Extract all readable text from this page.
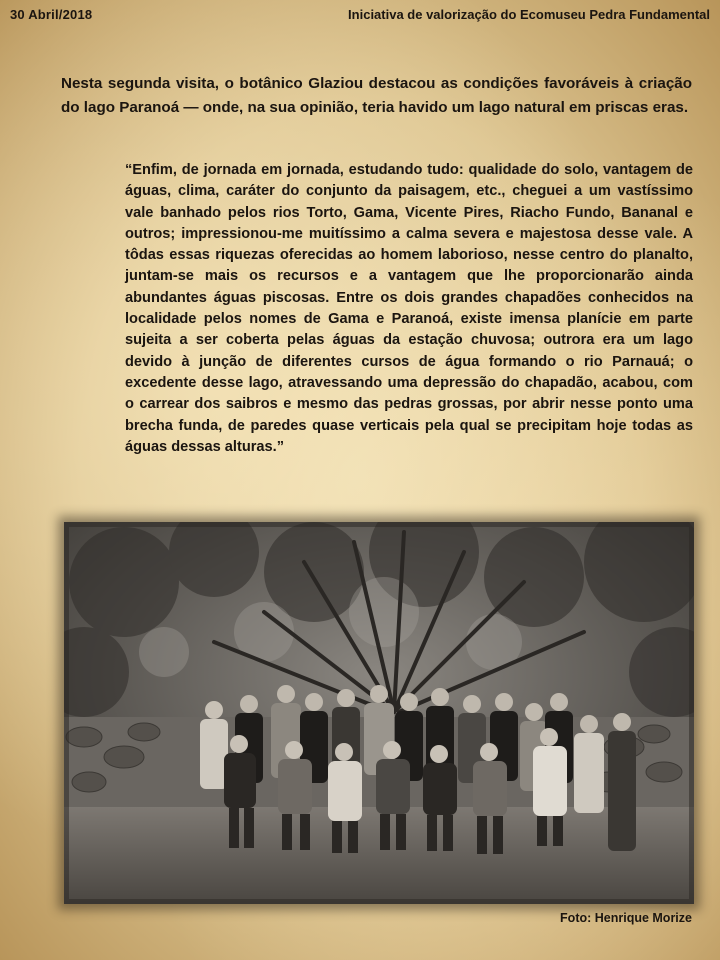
30 Abril/2018	Iniciativa de valorização do Ecomuseu Pedra Fundamental

Nesta segunda visita, o botânico Glaziou destacou as condições favoráveis à criação do lago Paranoá — onde, na sua opinião, teria havido um lago natural em priscas eras.

“Enfim, de jornada em jornada, estudando tudo: qualidade do solo, vantagem de águas, clima, caráter do conjunto da paisagem, etc., cheguei a um vastíssimo vale banhado pelos rios Torto, Gama, Vicente Pires, Riacho Fundo, Bananal e outros; impressionou-me muitíssimo a calma severa e majestosa desse vale. A tôdas essas riquezas oferecidas ao homem laborioso, nesse centro do planalto, juntam-se mais os recursos e a vantagem que lhe proporcionarão ainda abundantes águas piscosas. Entre os dois grandes chapadões conhecidos na localidade pelos nomes de Gama e Paranoá, existe imensa planície em parte sujeita a ser coberta pelas águas da estação chuvosa; outrora era um lago devido à junção de diferentes cursos de água formando o rio Parnauá; o excedente desse lago, atravessando uma depressão do chapadão, acabou, com o carrear dos saibros e mesmo das pedras grossas, por abrir nesse ponto uma brecha funda, de paredes quase verticais pela qual se precipitam hoje todas as águas dessas alturas.”

Foto: Henrique Morize
